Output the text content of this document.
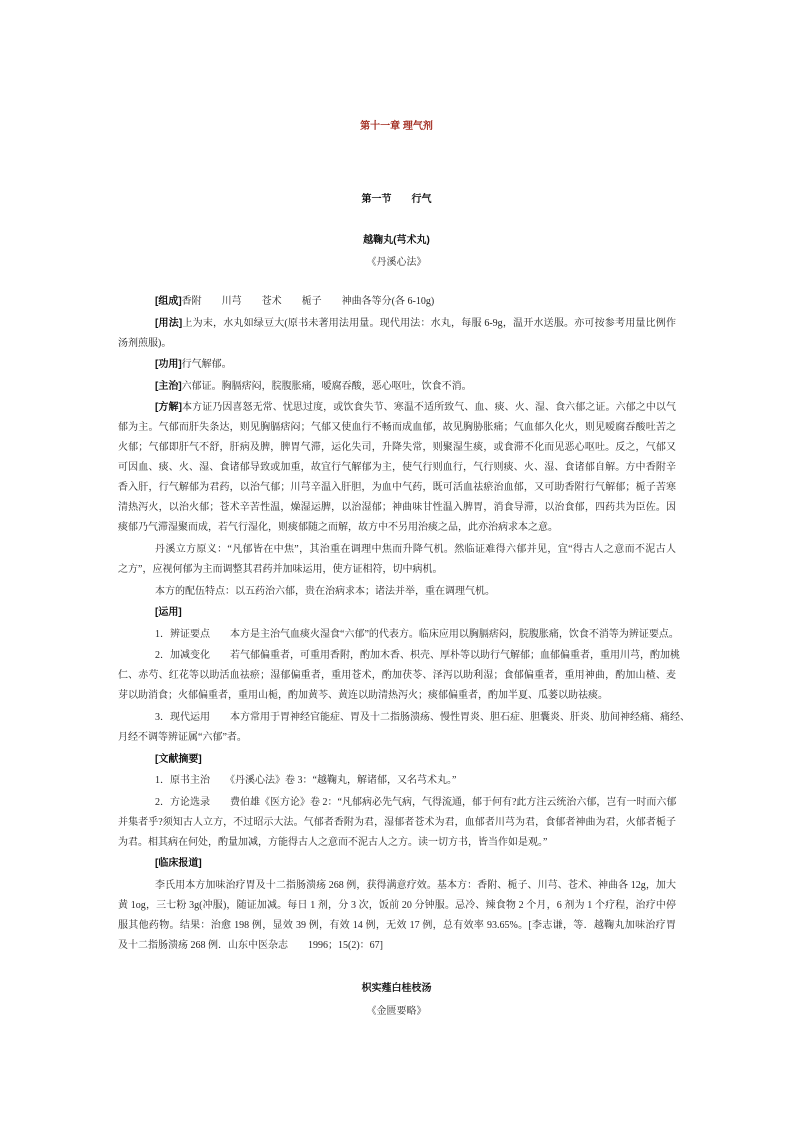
第十一章 理气剂
第一节　　行气
越鞠丸(芎术丸)
《丹溪心法》
[组成]香附　　川芎　　苍术　　栀子　　神曲各等分(各 6-10g)
[用法]上为末，水丸如绿豆大(原书未著用法用量。现代用法：水丸，每服 6-9g，温开水送服。亦可按参考用量比例作
汤剂煎服)。
[功用]行气解郁。
[主治]六郁证。胸膈痞闷，脘腹胀痛，嗳腐吞酸，恶心呕吐，饮食不消。
[方解]本方证乃因喜怒无常、忧思过度，或饮食失节、寒温不适所致气、血、痰、火、湿、食六郁之证。六郁之中以气
郁为主。气郁而肝失条达，则见胸膈痞闷；气郁又使血行不畅而成血郁，故见胸胁胀痛；气血郁久化火，则见嗳腐吞酸吐苦之
火郁；气郁即肝气不舒，肝病及脾，脾胃气滞，运化失司，升降失常，则聚湿生痰，或食滞不化而见恶心呕吐。反之，气郁又
可因血、痰、火、湿、食诸郁导致或加重，故宜行气解郁为主，使气行则血行，气行则痰、火、湿、食诸郁自解。方中香附辛
香入肝，行气解郁为君药，以治气郁；川芎辛温入肝胆，为血中气药，既可活血祛瘀治血郁，又可助香附行气解郁；栀子苦寒
清热泻火，以治火郁；苍术辛苦性温，燥湿运脾，以治湿郁；神曲味甘性温入脾胃，消食导滞，以治食郁，四药共为臣佐。因
痰郁乃气滞湿聚而成，若气行湿化，则痰郁随之而解，故方中不另用治痰之品，此亦治病求本之意。
丹溪立方原义：“凡郁皆在中焦”，其治重在调理中焦而升降气机。然临证难得六郁并见，宜“得古人之意而不泥古人
之方”，应视何郁为主而调整其君药并加味运用，使方证相符，切中病机。
本方的配伍特点：以五药治六郁，贵在治病求本；诸法并举，重在调理气机。
[运用]
1．辨证要点　　本方是主治气血痰火湿食“六郁”的代表方。临床应用以胸膈痞闷，脘腹胀痛，饮食不消等为辨证要点。
2．加减变化　　若气郁偏重者，可重用香附，酌加木香、枳壳、厚朴等以助行气解郁；血郁偏重者，重用川芎，酌加桃
仁、赤芍、红花等以助活血祛瘀；湿郁偏重者，重用苍术，酌加茯苓、泽泻以助利湿；食郁偏重者，重用神曲，酌加山楂、麦
芽以助消食；火郁偏重者，重用山栀，酌加黄芩、黄连以助清热泻火；痰郁偏重者，酌加半夏、瓜蒌以助祛痰。
3．现代运用　　本方常用于胃神经官能症、胃及十二指肠溃疡、慢性胃炎、胆石症、胆囊炎、肝炎、肋间神经痛、痛经、
月经不调等辨证属“六郁”者。
[文献摘要]
1．原书主治　　《丹溪心法》卷 3：“越鞠丸，解诸郁，又名芎术丸。”
2．方论选录　　费伯雄《医方论》卷 2：“凡郁病必先气病，气得流通，郁于何有?此方注云统治六郁，岂有一时而六郁
并集者乎?须知古人立方，不过昭示大法。气郁者香附为君，湿郁者苍术为君，血郁者川芎为君，食郁者神曲为君，火郁者栀子
为君。相其病在何处，酌量加减，方能得古人之意而不泥古人之方。读一切方书，皆当作如是观。”
[临床报道]
李氏用本方加味治疗胃及十二指肠溃疡 268 例，获得满意疗效。基本方：香附、栀子、川芎、苍术、神曲各 12g，加大
黄 1og，三七粉 3g(冲服)，随证加减。每日 1 剂，分 3 次，饭前 20 分钟服。忌冷、辣食物 2 个月，6 剂为 1 个疗程，治疗中停
服其他药物。结果：治愈 198 例，显效 39 例，有效 14 例，无效 17 例，总有效率 93.65%。[李志谦，等．越鞠丸加味治疗胃
及十二指肠溃疡 268 例．山东中医杂志　　1996；15(2)：67]
枳实薤白桂枝汤
《金匮要略》
